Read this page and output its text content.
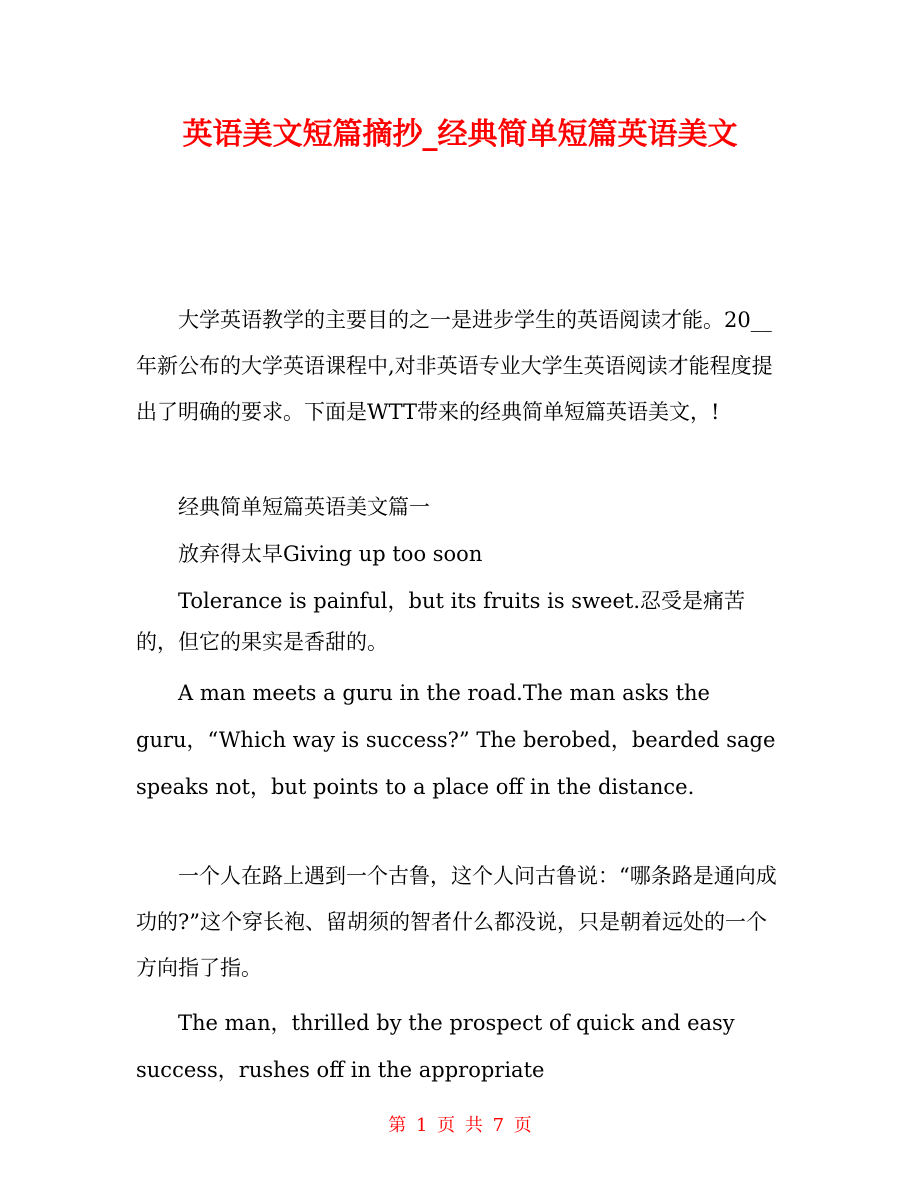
英语美文短篇摘抄_经典简单短篇英语美文

大学英语教学的主要目的之一是进步学生的英语阅读才能。20__年新公布的大学英语课程中,对非英语专业大学生英语阅读才能程度提出了明确的要求。下面是WTT带来的经典简单短篇英语美文，!

经典简单短篇英语美文篇一

放弃得太早Giving up too soon

Tolerance is painful，but its fruits is sweet.忍受是痛苦的，但它的果实是香甜的。

A man meets a guru in the road.The man asks the guru，“Which way is success?” The berobed，bearded sage speaks not，but points to a place off in the distance.

一个人在路上遇到一个古鲁，这个人问古鲁说：“哪条路是通向成功的?”这个穿长袍、留胡须的智者什么都没说，只是朝着远处的一个方向指了指。

The man，thrilled by the prospect of quick and easy success，rushes off in the appropriate

第 1 页 共 7 页
